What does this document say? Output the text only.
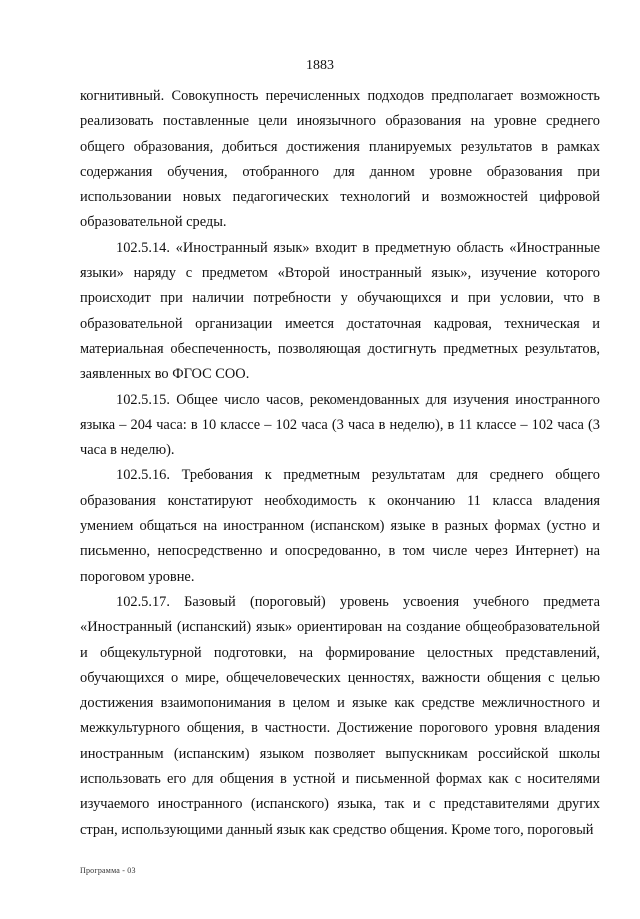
1883

когнитивный. Совокупность перечисленных подходов предполагает возможность реализовать поставленные цели иноязычного образования на уровне среднего общего образования, добиться достижения планируемых результатов в рамках содержания обучения, отобранного для данном уровне образования при использовании новых педагогических технологий и возможностей цифровой образовательной среды.

102.5.14. «Иностранный язык» входит в предметную область «Иностранные языки» наряду с предметом «Второй иностранный язык», изучение которого происходит при наличии потребности у обучающихся и при условии, что в образовательной организации имеется достаточная кадровая, техническая и материальная обеспеченность, позволяющая достигнуть предметных результатов, заявленных во ФГОС СОО.

102.5.15. Общее число часов, рекомендованных для изучения иностранного языка – 204 часа: в 10 классе – 102 часа (3 часа в неделю), в 11 классе – 102 часа (3 часа в неделю).

102.5.16. Требования к предметным результатам для среднего общего образования констатируют необходимость к окончанию 11 класса владения умением общаться на иностранном (испанском) языке в разных формах (устно и письменно, непосредственно и опосредованно, в том числе через Интернет) на пороговом уровне.

102.5.17. Базовый (пороговый) уровень усвоения учебного предмета «Иностранный (испанский) язык» ориентирован на создание общеобразовательной и общекультурной подготовки, на формирование целостных представлений, обучающихся о мире, общечеловеческих ценностях, важности общения с целью достижения взаимопонимания в целом и языке как средстве межличностного и межкультурного общения, в частности. Достижение порогового уровня владения иностранным (испанским) языком позволяет выпускникам российской школы использовать его для общения в устной и письменной формах как с носителями изучаемого иностранного (испанского) языка, так и с представителями других стран, использующими данный язык как средство общения. Кроме того, пороговый

Программа - 03
